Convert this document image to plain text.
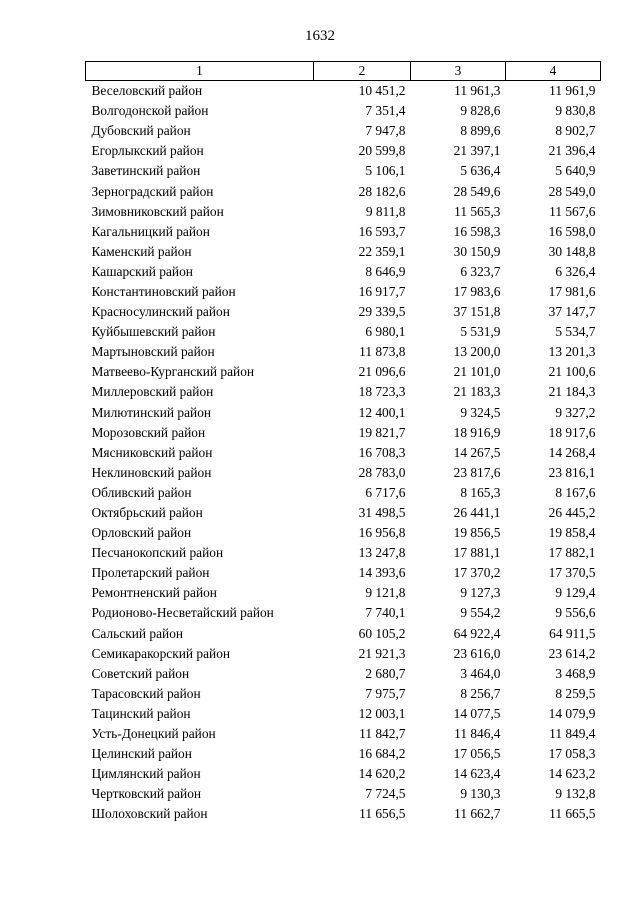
1632
1	2	3	4
Веселовский район	10 451,2	11 961,3	11 961,9
Волгодонской район	7 351,4	9 828,6	9 830,8
Дубовский район	7 947,8	8 899,6	8 902,7
Егорлыкский район	20 599,8	21 397,1	21 396,4
Заветинский район	5 106,1	5 636,4	5 640,9
Зерноградский район	28 182,6	28 549,6	28 549,0
Зимовниковский район	9 811,8	11 565,3	11 567,6
Кагальницкий район	16 593,7	16 598,3	16 598,0
Каменский район	22 359,1	30 150,9	30 148,8
Кашарский район	8 646,9	6 323,7	6 326,4
Константиновский район	16 917,7	17 983,6	17 981,6
Красносулинский район	29 339,5	37 151,8	37 147,7
Куйбышевский район	6 980,1	5 531,9	5 534,7
Мартыновский район	11 873,8	13 200,0	13 201,3
Матвеево-Курганский район	21 096,6	21 101,0	21 100,6
Миллеровский район	18 723,3	21 183,3	21 184,3
Милютинский район	12 400,1	9 324,5	9 327,2
Морозовский район	19 821,7	18 916,9	18 917,6
Мясниковский район	16 708,3	14 267,5	14 268,4
Неклиновский район	28 783,0	23 817,6	23 816,1
Обливский район	6 717,6	8 165,3	8 167,6
Октябрьский район	31 498,5	26 441,1	26 445,2
Орловский район	16 956,8	19 856,5	19 858,4
Песчанокопский район	13 247,8	17 881,1	17 882,1
Пролетарский район	14 393,6	17 370,2	17 370,5
Ремонтненский район	9 121,8	9 127,3	9 129,4
Родионово-Несветайский район	7 740,1	9 554,2	9 556,6
Сальский район	60 105,2	64 922,4	64 911,5
Семикаракорский район	21 921,3	23 616,0	23 614,2
Советский район	2 680,7	3 464,0	3 468,9
Тарасовский район	7 975,7	8 256,7	8 259,5
Тацинский район	12 003,1	14 077,5	14 079,9
Усть-Донецкий район	11 842,7	11 846,4	11 849,4
Целинский район	16 684,2	17 056,5	17 058,3
Цимлянский район	14 620,2	14 623,4	14 623,2
Чертковский район	7 724,5	9 130,3	9 132,8
Шолоховский район	11 656,5	11 662,7	11 665,5
